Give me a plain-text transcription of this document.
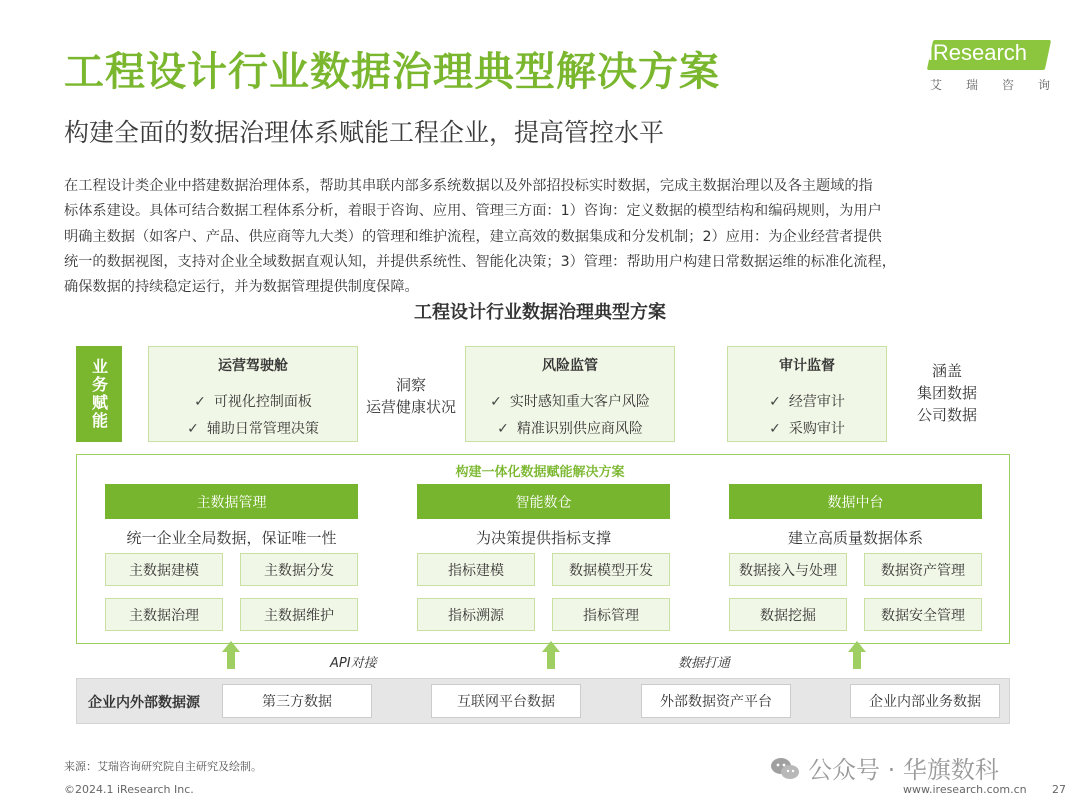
工程设计行业数据治理典型解决方案
构建全面的数据治理体系赋能工程企业，提高管控水平
iResearch
艾 瑞 咨 询
在工程设计类企业中搭建数据治理体系，帮助其串联内部多系统数据以及外部招投标实时数据，完成主数据治理以及各主题域的指
标体系建设。具体可结合数据工程体系分析，着眼于咨询、应用、管理三方面：1）咨询：定义数据的模型结构和编码规则，为用户
明确主数据（如客户、产品、供应商等九大类）的管理和维护流程，建立高效的数据集成和分发机制；2）应用：为企业经营者提供
统一的数据视图，支持对企业全域数据直观认知，并提供系统性、智能化决策；3）管理：帮助用户构建日常数据运维的标准化流程，
确保数据的持续稳定运行，并为数据管理提供制度保障。
工程设计行业数据治理典型方案
业务赋能	运营驾驶舱
✓ 可视化控制面板
✓ 辅助日常管理决策
洞察
运营健康状况
风险监管
✓ 实时感知重大客户风险
✓ 精准识别供应商风险
审计监督
✓ 经营审计
✓ 采购审计
涵盖
集团数据
公司数据
构建一体化数据赋能解决方案
主数据管理
统一企业全局数据，保证唯一性
主数据建模	主数据分发
主数据治理	主数据维护
智能数仓
为决策提供指标支撑
指标建模	数据模型开发
指标溯源	指标管理
数据中台
建立高质量数据体系
数据接入与处理	数据资产管理
数据挖掘	数据安全管理
API对接	数据打通
企业内外部数据源	第三方数据	互联网平台数据	外部数据资产平台	企业内部业务数据
来源：艾瑞咨询研究院自主研究及绘制。
©2024.1 iResearch Inc.
公众号 · 华旗数科
www.iresearch.com.cn 27
